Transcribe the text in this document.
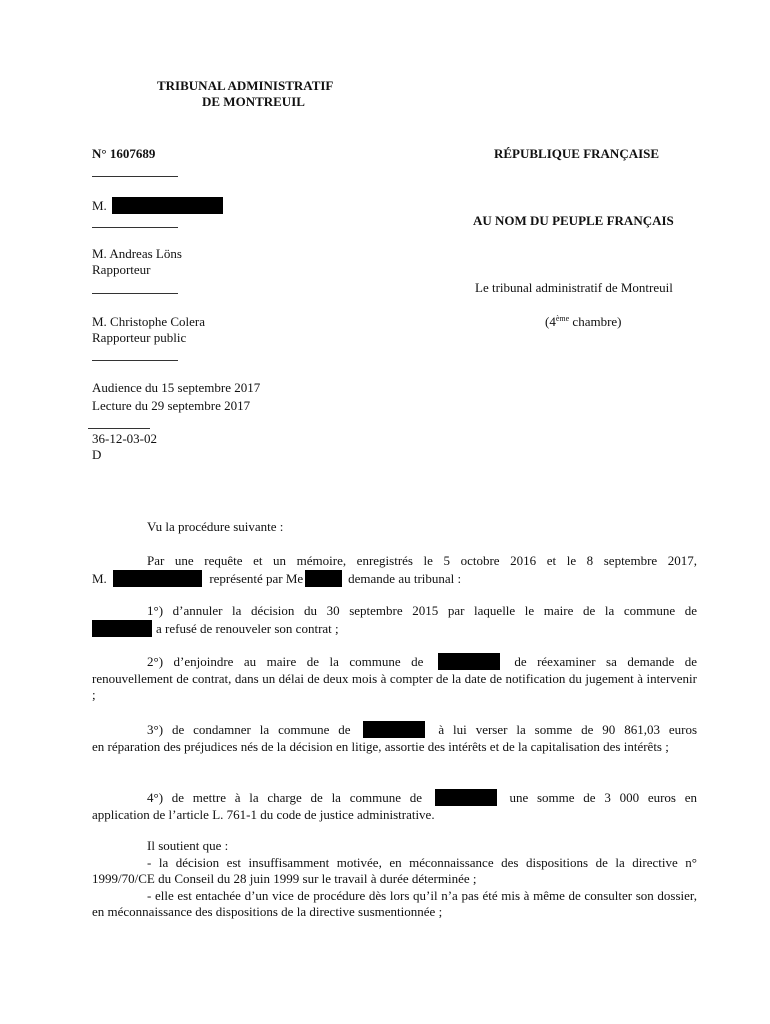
TRIBUNAL ADMINISTRATIF
DE MONTREUIL
N° 1607689	RÉPUBLIQUE FRANÇAISE
M.
AU NOM DU PEUPLE FRANÇAIS
M. Andreas Löns
Rapporteur
Le tribunal administratif de Montreuil
M. Christophe Colera
Rapporteur public
(4ème chambre)
Audience du 15 septembre 2017
Lecture du 29 septembre 2017
36-12-03-02
D
Vu la procédure suivante :

Par une requête et un mémoire, enregistrés le 5 octobre 2016 et le 8 septembre 2017,

M.	représenté par Me	demande au tribunal :

1°) d’annuler la décision du 30 septembre 2015 par laquelle le maire de la commune de

a refusé de renouveler son contrat ;

2°) d’enjoindre au maire de la commune de	de réexaminer sa demande de

renouvellement de contrat, dans un délai de deux mois à compter de la date de notification du jugement à intervenir ;

3°) de condamner la commune de	à lui verser la somme de 90 861,03 euros

en réparation des préjudices nés de la décision en litige, assortie des intérêts et de la capitalisation des intérêts ;

4°) de mettre à la charge de la commune de	une somme de 3 000 euros en

application de l’article L. 761-1 du code de justice administrative.

Il soutient que :

- la décision est insuffisamment motivée, en méconnaissance des dispositions de la directive n° 1999/70/CE du Conseil du 28 juin 1999 sur le travail à durée déterminée ;

- elle est entachée d’un vice de procédure dès lors qu’il n’a pas été mis à même de consulter son dossier, en méconnaissance des dispositions de la directive susmentionnée ;
